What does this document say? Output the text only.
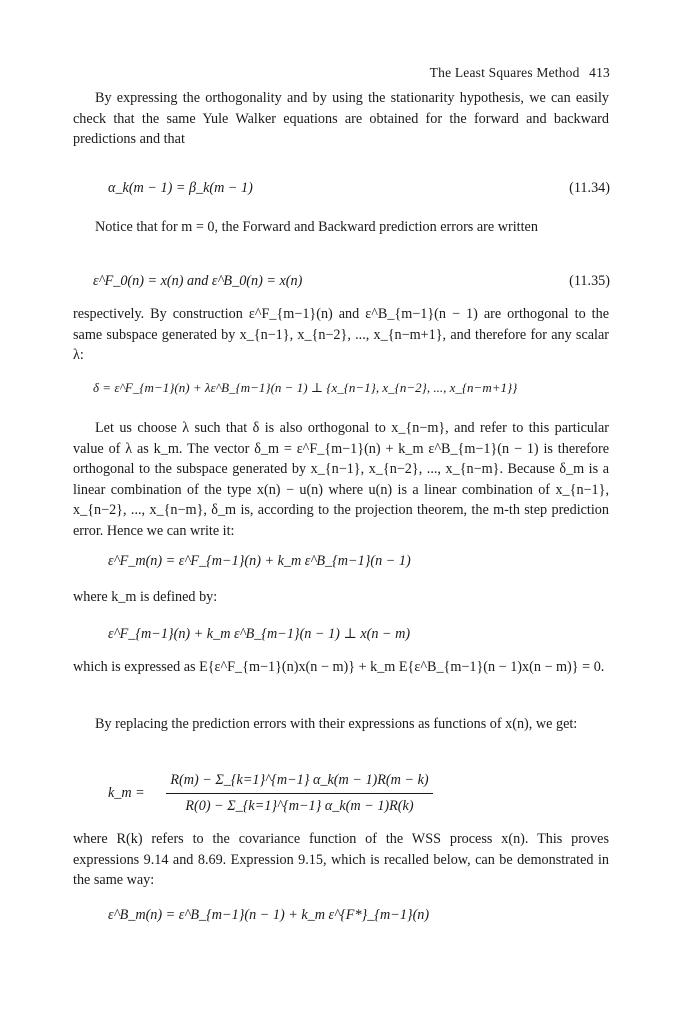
The Least Squares Method 413

By expressing the orthogonality and by using the stationarity hypothesis, we can easily check that the same Yule Walker equations are obtained for the forward and backward predictions and that

α_k(m − 1) = β_k(m − 1)	(11.34)

Notice that for m = 0, the Forward and Backward prediction errors are written

ε^F_0(n) = x(n) and ε^B_0(n) = x(n)	(11.35)

respectively. By construction ε^F_{m−1}(n) and ε^B_{m−1}(n − 1) are orthogonal to the same subspace generated by x_{n−1}, x_{n−2}, ..., x_{n−m+1}, and therefore for any scalar λ:

δ = ε^F_{m−1}(n) + λε^B_{m−1}(n − 1) ⊥ {x_{n−1}, x_{n−2}, ..., x_{n−m+1}}

Let us choose λ such that δ is also orthogonal to x_{n−m}, and refer to this particular value of λ as k_m. The vector δ_m = ε^F_{m−1}(n) + k_m ε^B_{m−1}(n − 1) is therefore orthogonal to the subspace generated by x_{n−1}, x_{n−2}, ..., x_{n−m}. Because δ_m is a linear combination of the type x(n) − u(n) where u(n) is a linear combination of x_{n−1}, x_{n−2}, ..., x_{n−m}, δ_m is, according to the projection theorem, the m-th step prediction error. Hence we can write it:

ε^F_m(n) = ε^F_{m−1}(n) + k_m ε^B_{m−1}(n − 1)

where k_m is defined by:

ε^F_{m−1}(n) + k_m ε^B_{m−1}(n − 1) ⊥ x(n − m)

which is expressed as E{ε^F_{m−1}(n)x(n − m)} + k_m E{ε^B_{m−1}(n − 1)x(n − m)} = 0.

By replacing the prediction errors with their expressions as functions of x(n), we get:

k_m = $\frac{R(m) - \Sigma\_\{k=1\}\^{}\{m-1\} \alpha\_k(m - 1)R(m - k)}{R(0) - \Sigma\_\{k=1\}\^{}\{m-1\} \alpha\_k(m - 1)R(k)}$

where R(k) refers to the covariance function of the WSS process x(n). This proves expressions 9.14 and 8.69. Expression 9.15, which is recalled below, can be demonstrated in the same way:

ε^B_m(n) = ε^B_{m−1}(n − 1) + k_m ε^{F*}_{m−1}(n)
